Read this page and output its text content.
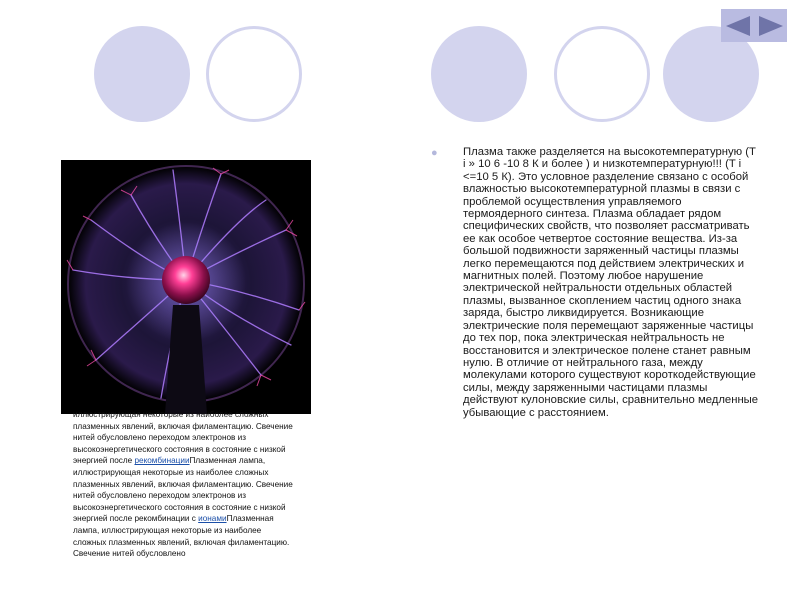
иллюстрирующая некоторые из наиболее сложных плазменных явлений, включая филаментацию. Свечение нитей обусловлено переходом электронов из высокоэнергетического состояния в состояние с низкой энергией после рекомбинацииПлазменная лампа, иллюстрирующая некоторые из наиболее сложных плазменных явлений, включая филаментацию. Свечение нитей обусловлено переходом электронов из высокоэнергетического состояния в состояние с низкой энергией после рекомбинации с ионамиПлазменная лампа, иллюстрирующая некоторые из наиболее сложных плазменных явлений, включая филаментацию. Свечение нитей обусловлено
● Плазма также разделяется на высокотемпературную (T i » 10 6 -10 8 К и более ) и низкотемпературную!!! (T i <=10 5 К). Это условное разделение связано с особой влажностью высокотемпературной плазмы в связи с проблемой осуществления управляемого термоядерного синтеза. Плазма обладает рядом специфических свойств, что позволяет рассматривать ее как особое четвертое состояние вещества. Из-за большой подвижности заряженный частицы плазмы легко перемещаются под действием электрических и магнитных полей. Поэтому любое нарушение электрической нейтральности отдельных областей плазмы, вызванное скоплением частиц одного знака заряда, быстро ликвидируется. Возникающие электрические поля перемещают заряженные частицы до тех пор, пока электрическая нейтральность не восстановится и электрическое полене станет равным нулю. В отличие от нейтрального газа, между молекулами которого существуют короткодействующие силы, между заряженными частицами плазмы действуют кулоновские силы, сравнительно медленные убывающие с расстоянием.
